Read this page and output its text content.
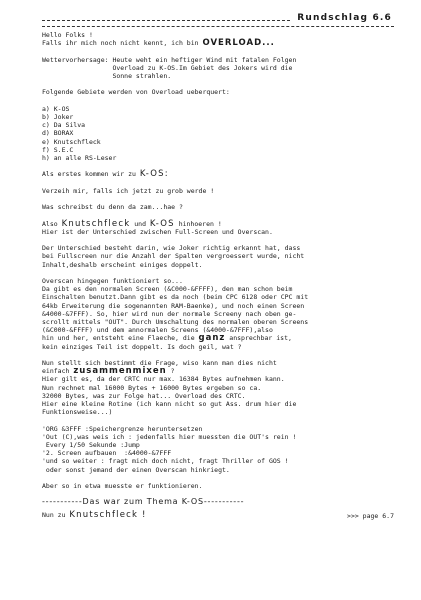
Rundschlag 6.6
Hello Folks !
Falls ihr mich noch nicht kennt, ich bin OVERLOAD...
Wettervorhersage: Heute weht ein heftiger Wind mit fatalen Folgen
Overload zu K-OS.Im Gebiet des Jokers wird die
Sonne strahlen.
Folgende Gebiete werden von Overload ueberquert:
a) K-OS
b) Joker
c) Da Silva
d) BORAX
e) Knutschfleck
f) S.E.C
h) an alle RS-Leser
Als erstes kommen wir zu K-OS:
Verzeih mir, falls ich jetzt zu grob werde !
Was schreibst du denn da zam...hae ?
Also Knutschfleck und K-OS hinhoeren !
Hier ist der Unterschied zwischen Full-Screen und Overscan.
Der Unterschied besteht darin, wie Joker richtig erkannt hat, dass
bei Fullscreen nur die Anzahl der Spalten vergroessert wurde, nicht
Inhalt,deshalb erscheint einiges doppelt.
Overscan hingegen funktioniert so...
Da gibt es den normalen Screen (&C000-&FFFF), den man schon beim
Einschalten benutzt.Dann gibt es da noch (beim CPC 6128 oder CPC mit
64kb Erweiterung die sogenannten RAM-Baenke), und noch einen Screen
&4000-&7FFF). So, hier wird nun der normale Screeny nach oben ge-
scrollt mittels "OUT". Durch Umschaltung des normalen oberen Screens
(&C000-&FFFF) und dem annormalen Screens (&4000-&7FFF),also
hin und her, entsteht eine Flaeche, die ganz ansprechbar ist,
kein einziges Teil ist doppelt. Is doch geil, wat ?
Nun stellt sich bestimmt die Frage, wiso kann man dies nicht
einfach zusammenmixen ?
Hier gilt es, da der CRTC nur max. 16384 Bytes aufnehmen kann.
Nun rechnet mal 16000 Bytes + 16000 Bytes ergeben so ca.
32000 Bytes, was zur Folge hat... Overload des CRTC.
Hier eine kleine Rotine (ich kann nicht so gut Ass. drum hier die
Funktionsweise...)
'ORG &3FFF :Speichergrenze heruntersetzen
'Out (C),was weis ich : jedenfalls hier muessten die OUT's rein !
Every 1/50 Sekunde :Jump
'2. Screen aufbauen  :&4000-&7FFF
'und so weiter : fragt mich doch nicht, fragt Thriller of GOS !
oder sonst jemand der einen Overscan hinkriegt.
Aber so in etwa muesste er funktionieren.
-----------Das war zum Thema K-OS-----------
Nun zu Knutschfleck !	>>> page 6.7
